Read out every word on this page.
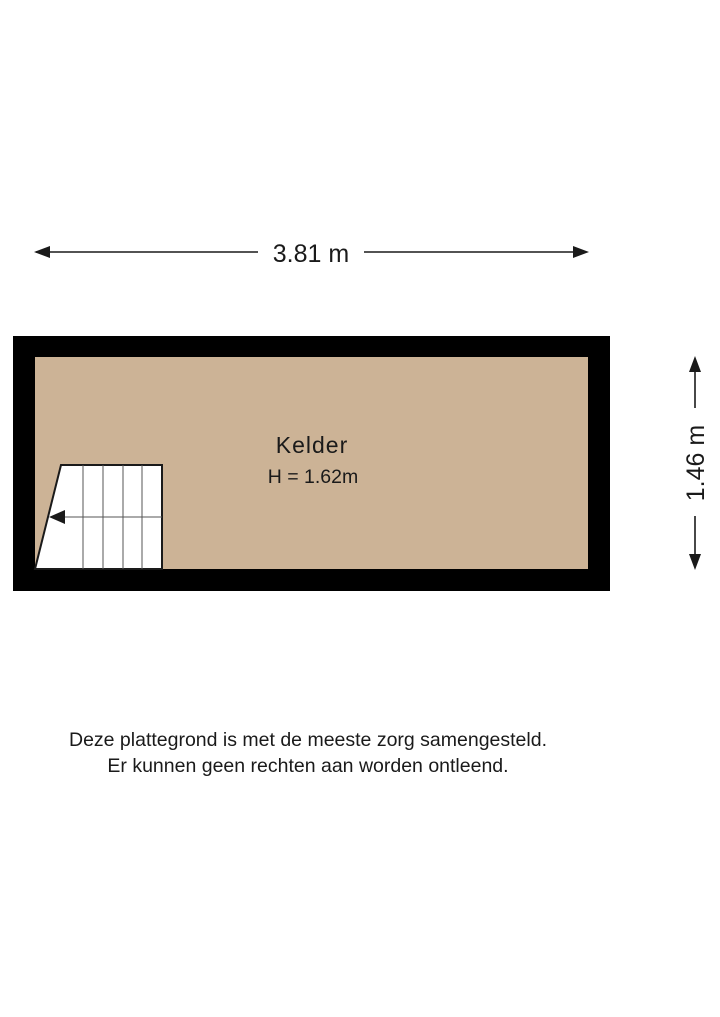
3.81 m
1.46 m
Kelder
H = 1.62m
Deze plattegrond is met de meeste zorg samengesteld.
Er kunnen geen rechten aan worden ontleend.
